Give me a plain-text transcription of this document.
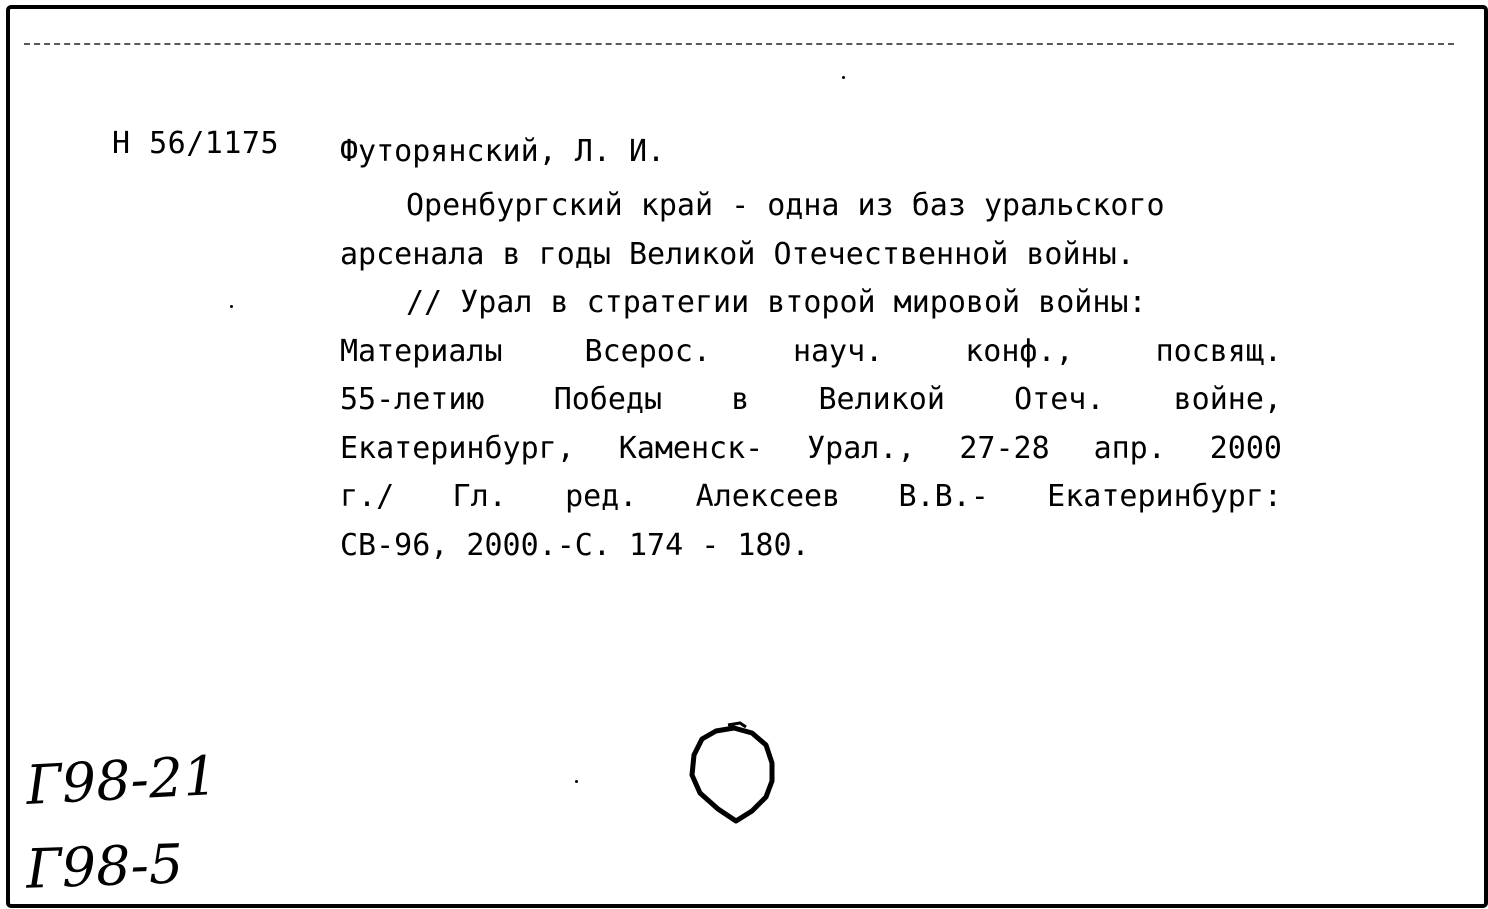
Н 56/1175 Футорянский, Л. И.
Оренбургский край - одна из баз уральского
арсенала в годы Великой Отечественной войны.
// Урал в стратегии второй мировой войны:
Материалы	Всерос.	науч.	конф.,	посвящ.
55-летию Победы в Великой Отеч. войне,
Екатеринбург, Каменск- Урал., 27-28 апр. 2000
г./ Гл. ред. Алексеев В.В.- Екатеринбург:
СВ-96, 2000.-С. 174 - 180.
Г98-21
Г98-5
